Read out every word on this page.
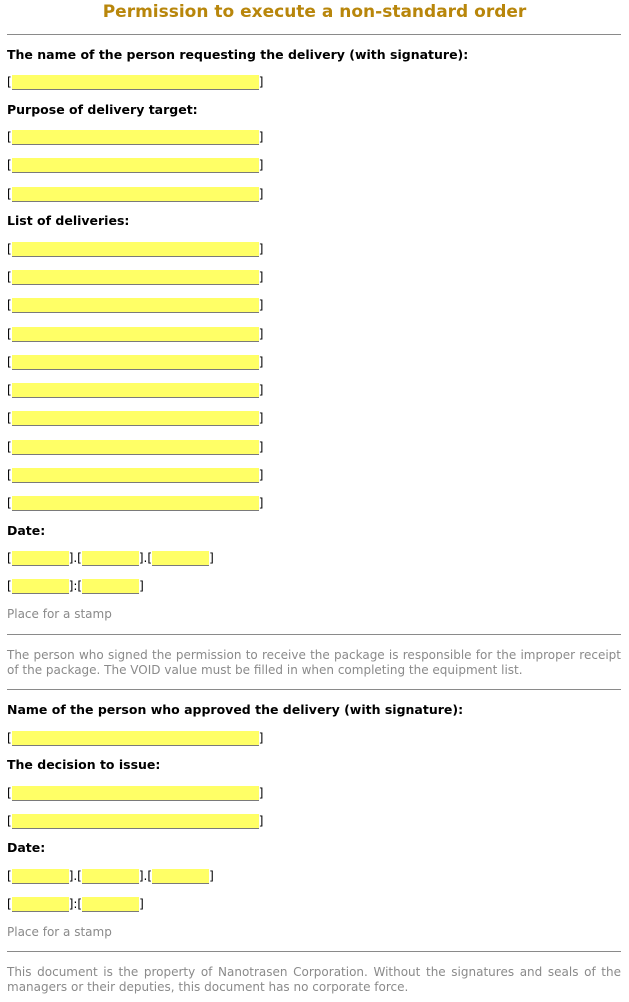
Permission to execute a non-standard order
The name of the person requesting the delivery (with signature):
[	]
Purpose of delivery target:
[	]
[	]
[	]
List of deliveries:
[	]
[	]
[	]
[	]
[	]
[	]
[	]
[	]
[	]
[	]
Date:
[	].[	].[	]
[	]:[	]
Place for a stamp
The person who signed the permission to receive the package is responsible for the improper receipt of the package. The VOID value must be filled in when completing the equipment list.
Name of the person who approved the delivery (with signature):
[	]
The decision to issue:
[	]
[	]
Date:
[	].[	].[	]
[	]:[	]
Place for a stamp
This document is the property of Nanotrasen Corporation. Without the signatures and seals of the managers or their deputies, this document has no corporate force.
